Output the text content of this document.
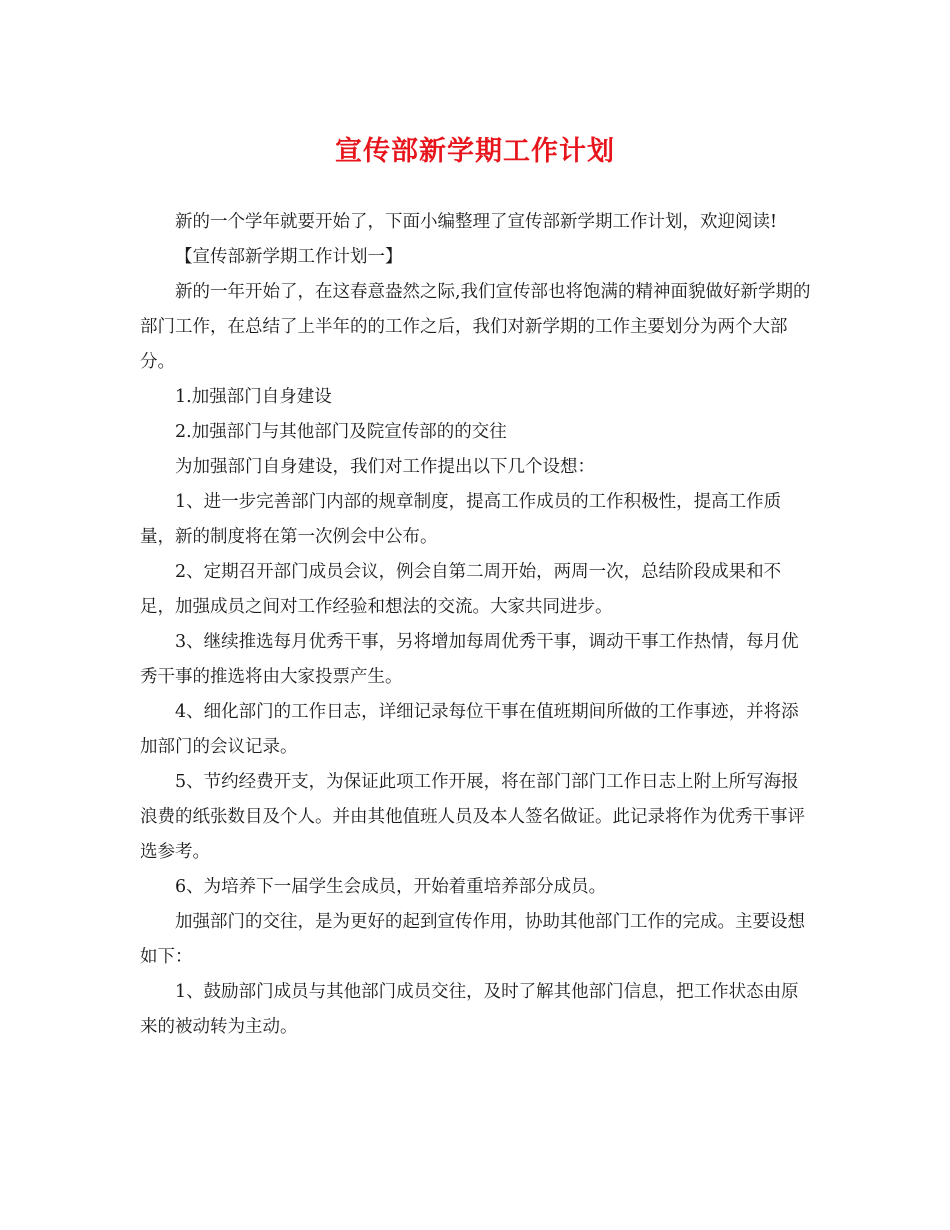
宣传部新学期工作计划

新的一个学年就要开始了，下面小编整理了宣传部新学期工作计划，欢迎阅读!

【宣传部新学期工作计划一】

新的一年开始了，在这春意盎然之际,我们宣传部也将饱满的精神面貌做好新学期的部门工作，在总结了上半年的的工作之后，我们对新学期的工作主要划分为两个大部分。

1.加强部门自身建设

2.加强部门与其他部门及院宣传部的的交往

为加强部门自身建设，我们对工作提出以下几个设想：

1、进一步完善部门内部的规章制度，提高工作成员的工作积极性，提高工作质量，新的制度将在第一次例会中公布。

2、定期召开部门成员会议，例会自第二周开始，两周一次，总结阶段成果和不足，加强成员之间对工作经验和想法的交流。大家共同进步。

3、继续推选每月优秀干事，另将增加每周优秀干事，调动干事工作热情，每月优秀干事的推选将由大家投票产生。

4、细化部门的工作日志，详细记录每位干事在值班期间所做的工作事迹，并将添加部门的会议记录。

5、节约经费开支，为保证此项工作开展，将在部门部门工作日志上附上所写海报浪费的纸张数目及个人。并由其他值班人员及本人签名做证。此记录将作为优秀干事评选参考。

6、为培养下一届学生会成员，开始着重培养部分成员。

加强部门的交往，是为更好的起到宣传作用，协助其他部门工作的完成。主要设想如下：

1、鼓励部门成员与其他部门成员交往，及时了解其他部门信息，把工作状态由原来的被动转为主动。
